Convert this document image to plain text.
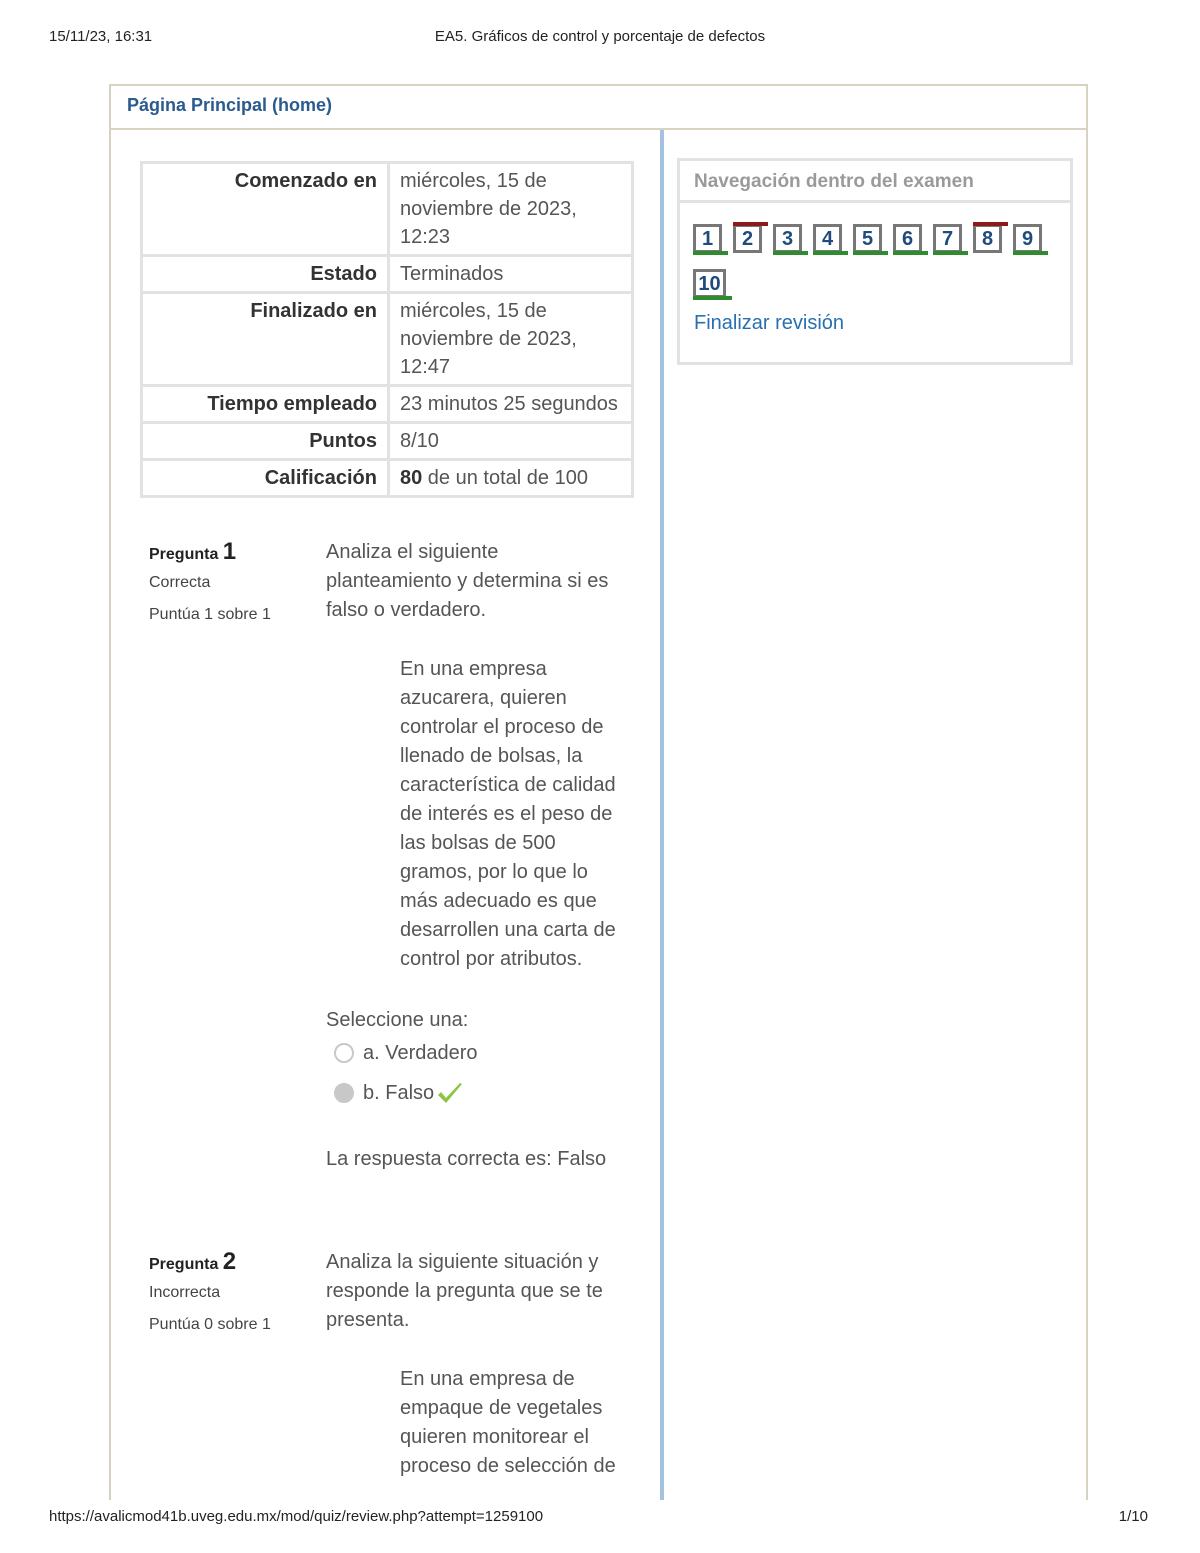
15/11/23, 16:31	EA5. Gráficos de control y porcentaje de defectos
Página Principal (home)
Comenzado en	miércoles, 15 de noviembre de 2023, 12:23
Estado	Terminados
Finalizado en	miércoles, 15 de noviembre de 2023, 12:47
Tiempo empleado	23 minutos 25 segundos
Puntos	8/10
Calificación	80 de un total de 100
Pregunta 1
Correcta
Puntúa 1 sobre 1

Analiza el siguiente planteamiento y determina si es falso o verdadero.

En una empresa azucarera, quieren controlar el proceso de llenado de bolsas, la característica de calidad de interés es el peso de las bolsas de 500 gramos, por lo que lo más adecuado es que desarrollen una carta de control por atributos.
Seleccione una:
a. Verdadero
b. Falso
La respuesta correcta es: Falso
Pregunta 2
Incorrecta
Puntúa 0 sobre 1

Analiza la siguiente situación y responde la pregunta que se te presenta.

En una empresa de empaque de vegetales quieren monitorear el proceso de selección de
Navegación dentro del examen
1	2	3	4	5	6	7	8	9
10
Finalizar revisión
https://avalicmod41b.uveg.edu.mx/mod/quiz/review.php?attempt=1259100	1/10
